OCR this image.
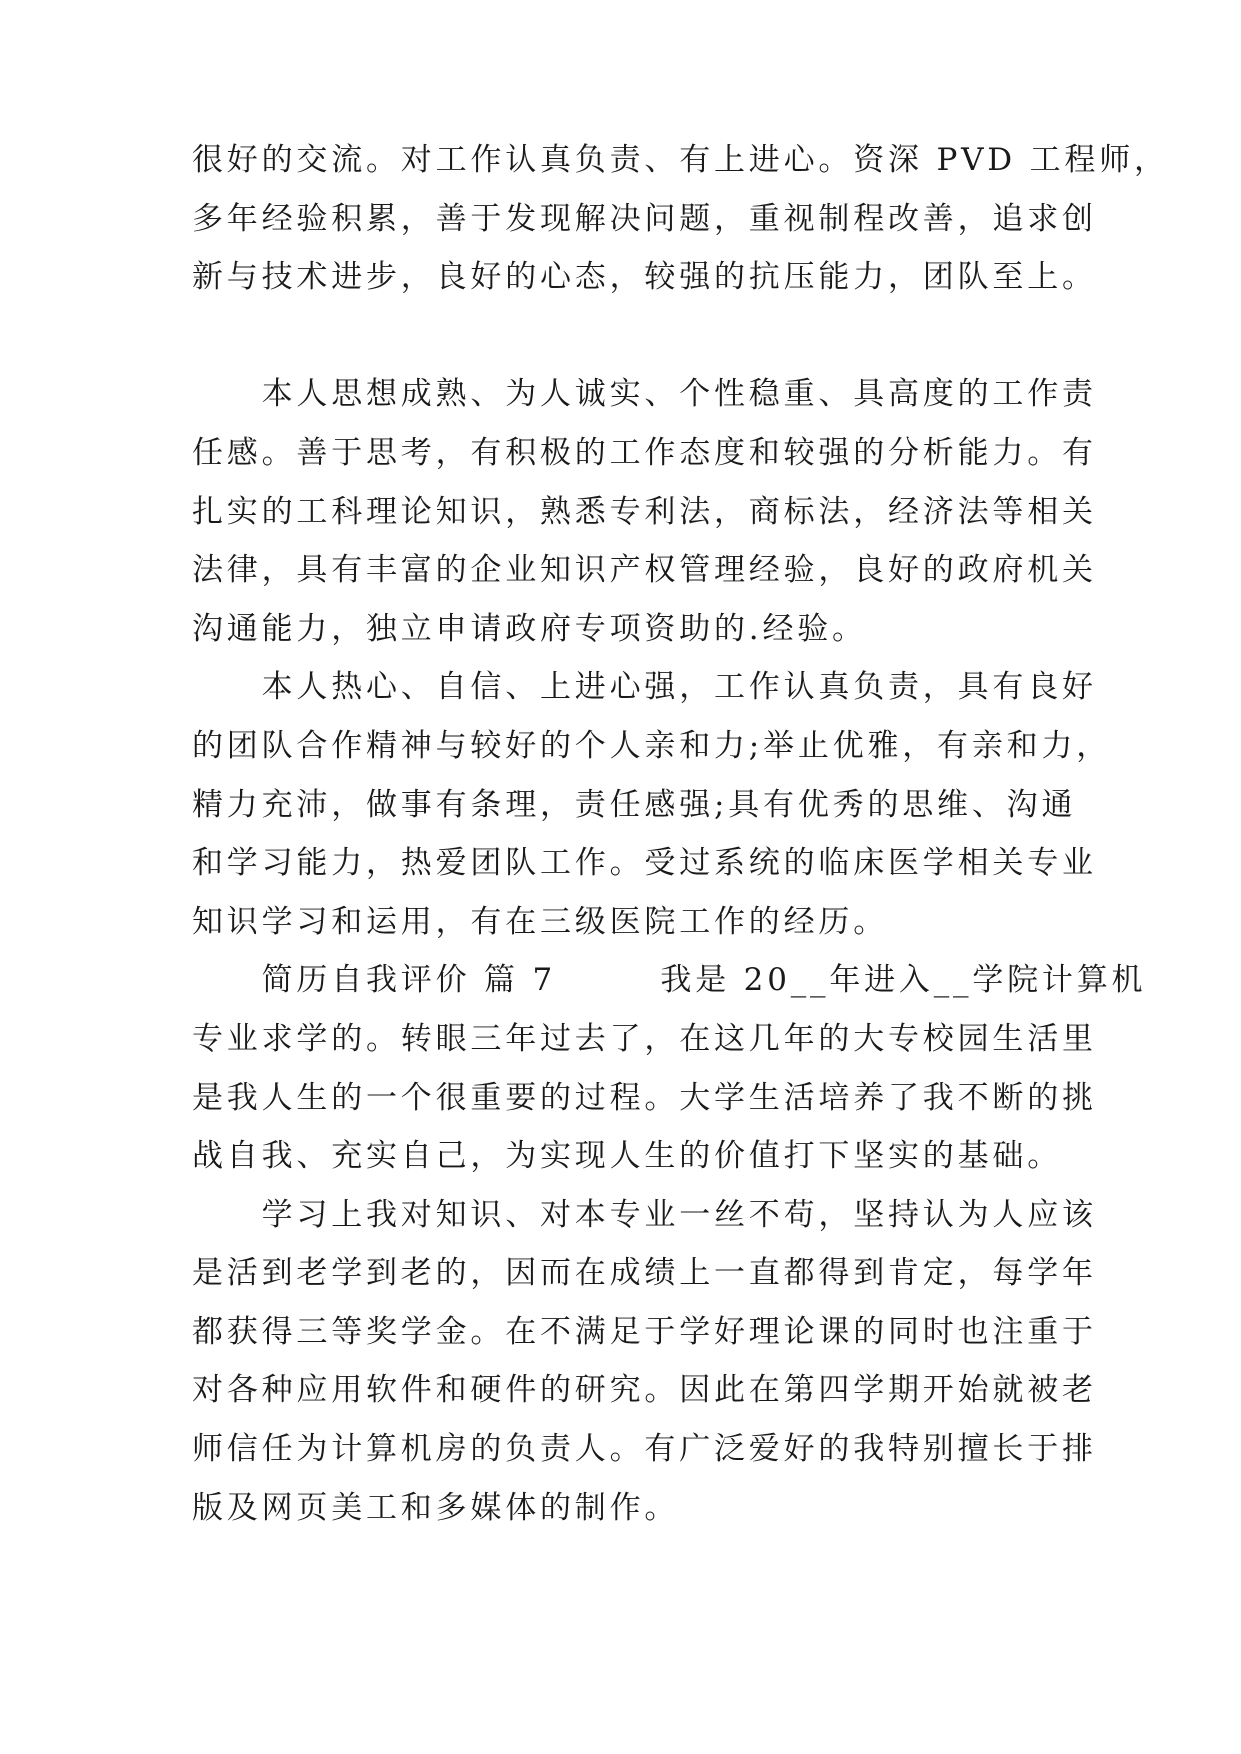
很好的交流。对工作认真负责、有上进心。资深 PVD 工程师，
多年经验积累，善于发现解决问题，重视制程改善，追求创
新与技术进步，良好的心态，较强的抗压能力，团队至上。
　　本人思想成熟、为人诚实、个性稳重、具高度的工作责
任感。善于思考，有积极的工作态度和较强的分析能力。有
扎实的工科理论知识，熟悉专利法，商标法，经济法等相关
法律，具有丰富的企业知识产权管理经验，良好的政府机关
沟通能力，独立申请政府专项资助的.经验。
　　本人热心、自信、上进心强，工作认真负责，具有良好
的团队合作精神与较好的个人亲和力;举止优雅，有亲和力，
精力充沛，做事有条理，责任感强;具有优秀的思维、沟通
和学习能力，热爱团队工作。受过系统的临床医学相关专业
知识学习和运用，有在三级医院工作的经历。
　　简历自我评价 篇 7　　　我是 20__年进入__学院计算机
专业求学的。转眼三年过去了，在这几年的大专校园生活里
是我人生的一个很重要的过程。大学生活培养了我不断的挑
战自我、充实自己，为实现人生的价值打下坚实的基础。
　　学习上我对知识、对本专业一丝不苟，坚持认为人应该
是活到老学到老的，因而在成绩上一直都得到肯定，每学年
都获得三等奖学金。在不满足于学好理论课的同时也注重于
对各种应用软件和硬件的研究。因此在第四学期开始就被老
师信任为计算机房的负责人。有广泛爱好的我特别擅长于排
版及网页美工和多媒体的制作。
